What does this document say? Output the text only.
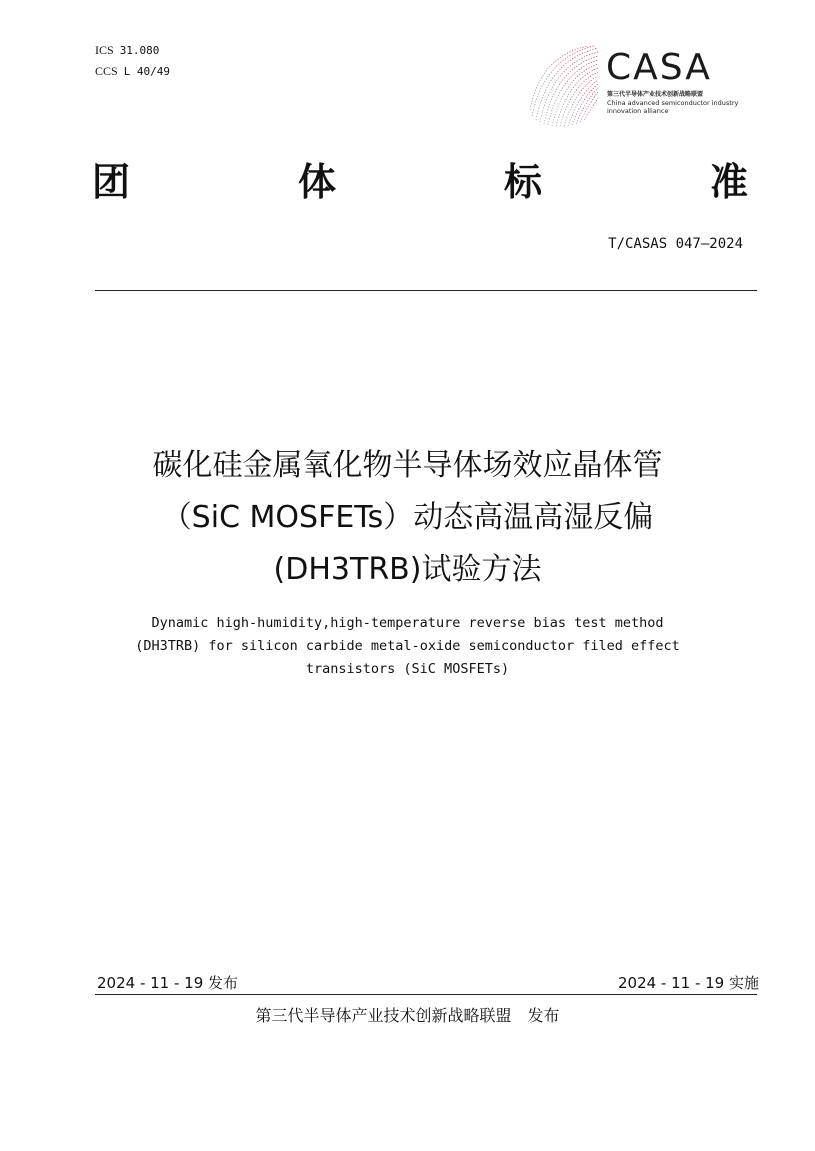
ICS 31.080
CCS L 40/49	CASA
第三代半导体产业技术创新战略联盟
China advanced semiconductor industry
innovation alliance
团	体	标	准
T/CASAS 047—2024
碳化硅金属氧化物半导体场效应晶体管
（SiC MOSFETs）动态高温高湿反偏
(DH3TRB)试验方法
Dynamic high-humidity,high-temperature reverse bias test method
(DH3TRB) for silicon carbide metal-oxide semiconductor filed effect
transistors (SiC MOSFETs)
2024 - 11 - 19 发布	2024 - 11 - 19 实施
第三代半导体产业技术创新战略联盟　发布
